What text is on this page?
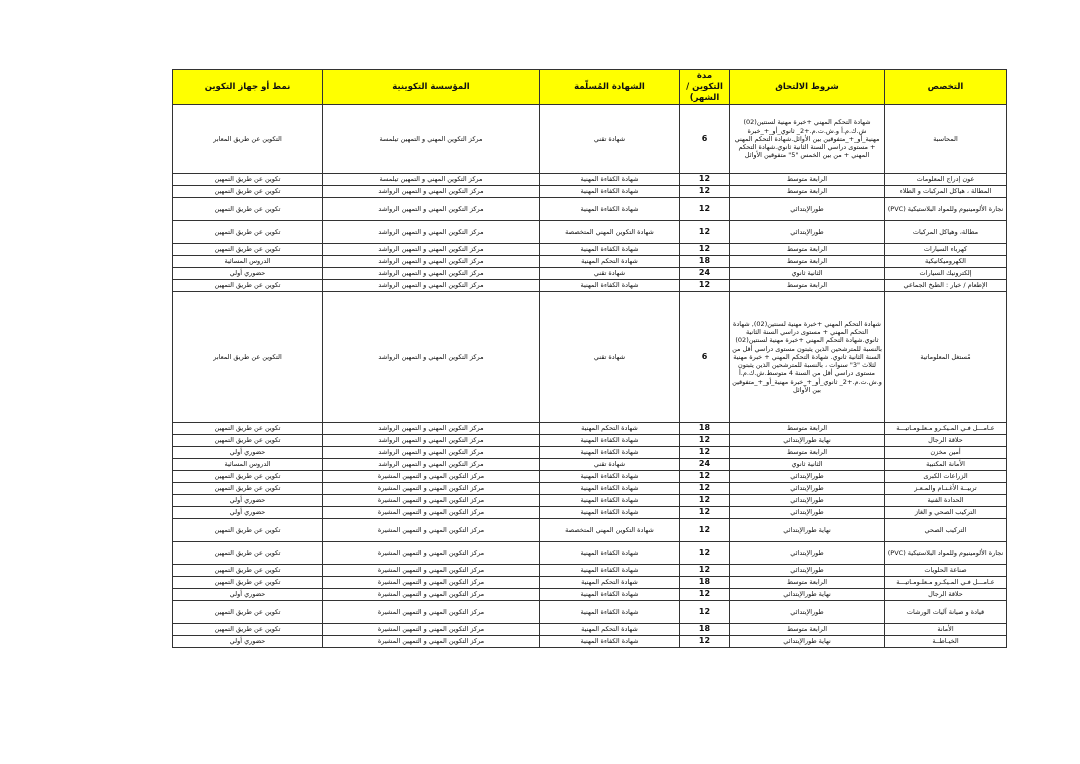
التخصص	شروط الالتحاق	مدة التكوين /الشهر)	الشهادة المُسلّمة	المؤسسة التكوينية	نمط أو جهاز التكوين
المحاسبة	شهادة التحكم المهني +خبرة مهنية لسنتين(02) ش.ك.م.أ و.ش.ت.م.+2_ ثانوي_أو_+_خبرة مهنية_أو_+_متفوقين بين الأوائل.شهادة التحكم المهني + مستوى دراسي السنة الثانية ثانوي.شهادة التحكم المهني + من بين الخمس "5" متفوقين الأوائل	6	شهادة تقني	مركز التكوين المهني و التمهين تيلمسة	التكوين عن طريق المعابر
عون إدراج المعلومات	الرابعة متوسط	12	شهادة الكفاءة المهنية	مركز التكوين المهني و التمهين تيلمسة	تكوين عن طريق التمهين
المطالة ، هياكل المركبات و الطلاء	الرابعة متوسط	12	شهادة الكفاءة المهنية	مركز التكوين المهني و التمهين الرواشد	تكوين عن طريق التمهين
نجارة الألومينيوم وللمواد البلاستيكية (PVC)	طورالإبتدائي	12	شهادة الكفاءة المهنية	مركز التكوين المهني و التمهين الرواشد	تكوين عن طريق التمهين
مطالة، وهياكل المركبات	طورالإبتدائي	12	شهادة التكوين المهني المتخصصة	مركز التكوين المهني و التمهين الرواشد	تكوين عن طريق التمهين
كهرباء السيارات	الرابعة متوسط	12	شهادة الكفاءة المهنية	مركز التكوين المهني و التمهين الرواشد	تكوين عن طريق التمهين
الكهروميكانيكية	الرابعة متوسط	18	شهادة التحكم المهنية	مركز التكوين المهني و التمهين الرواشد	الدروس المسائية
إلكترونيك السيارات	الثانية ثانوي	24	شهادة تقني	مركز التكوين المهني و التمهين الرواشد	حضوري أولي
الإطعام / خيار : الطبخ الجماعي	الرابعة متوسط	12	شهادة الكفاءة المهنية	مركز التكوين المهني و التمهين الرواشد	تكوين عن طريق التمهين
مُستغل المعلوماتية	شهادة التحكم المهني +خبرة مهنية لسنتين(02), شهادة التحكم المهني + مستوى دراسي السنة الثانية ثانوي.شهادة التحكم المهني +خبرة مهنية لسنتين(02) بالنسبة للمترشحين الذين يثبتون مستوى دراسي أقل من السنة الثانية ثانوي. شهادة التحكم المهني + خبرة مهنية لثلاث "3" سنوات ، بالنسبة للمترشحين الذين يثبتون مستوى دراسي أقل من السنة 4 متوسط.ش.ك.م.أ و.ش.ت.م.+2_ ثانوي_أو_+_خبرة مهنية_أو_+_متفوقين بين الأوائل	6	شهادة تقني	مركز التكوين المهني و التمهين الرواشد	التكوين عن طريق المعابر
عـامـــل فـي المـيكـرو مـعلـومـاتيـــة	الرابعة متوسط	18	شهادة التحكم المهنية	مركز التكوين المهني و التمهين الرواشد	تكوين عن طريق التمهين
حلاقة الرجال	نهاية طورالإبتدائي	12	شهادة الكفاءة المهنية	مركز التكوين المهني و التمهين الرواشد	تكوين عن طريق التمهين
أمين مخزن	الرابعة متوسط	12	شهادة الكفاءة المهنية	مركز التكوين المهني و التمهين الرواشد	حضوري أولي
الأمانة المكتبية	الثانية ثانوي	24	شهادة تقني	مركز التكوين المهني و التمهين الرواشد	الدروس المسائية
الزراعات الكبرى	طورالإبتدائي	12	شهادة الكفاءة المهنية	مركز التكوين المهني و التمهين المشيرة	تكوين عن طريق التمهين
تربيــة الأغـنـام والمـعـز	طورالإبتدائي	12	شهادة الكفاءة المهنية	مركز التكوين المهني و التمهين المشيرة	تكوين عن طريق التمهين
الحدادة الفنية	طورالإبتدائي	12	شهادة الكفاءة المهنية	مركز التكوين المهني و التمهين المشيرة	حضوري أولي
التركيب الصحي و الغاز	طورالإبتدائي	12	شهادة الكفاءة المهنية	مركز التكوين المهني و التمهين المشيرة	حضوري أولي
التركيب الصحي	نهاية طورالإبتدائي	12	شهادة التكوين المهني المتخصصة	مركز التكوين المهني و التمهين المشيرة	تكوين عن طريق التمهين
نجارة الألومينيوم وللمواد البلاستيكية (PVC)	طورالإبتدائي	12	شهادة الكفاءة المهنية	مركز التكوين المهني و التمهين المشيرة	تكوين عن طريق التمهين
صناعة الحلويات	طورالإبتدائي	12	شهادة الكفاءة المهنية	مركز التكوين المهني و التمهين المشيرة	تكوين عن طريق التمهين
عـامـــل فـي المـيكـرو مـعلـومـاتيـــة	الرابعة متوسط	18	شهادة التحكم المهنية	مركز التكوين المهني و التمهين المشيرة	تكوين عن طريق التمهين
حلاقة الرجال	نهاية طورالإبتدائي	12	شهادة الكفاءة المهنية	مركز التكوين المهني و التمهين المشيرة	حضوري أولي
قيادة و صيانة آليات الورشات	طورالإبتدائي	12	شهادة الكفاءة المهنية	مركز التكوين المهني و التمهين المشيرة	تكوين عن طريق التمهين
الأمانة	الرابعة متوسط	18	شهادة التحكم المهنية	مركز التكوين المهني و التمهين المشيرة	تكوين عن طريق التمهين
الخيـاطــة	نهاية طورالإبتدائي	12	شهادة الكفاءة المهنية	مركز التكوين المهني و التمهين المشيرة	حضوري أولي
